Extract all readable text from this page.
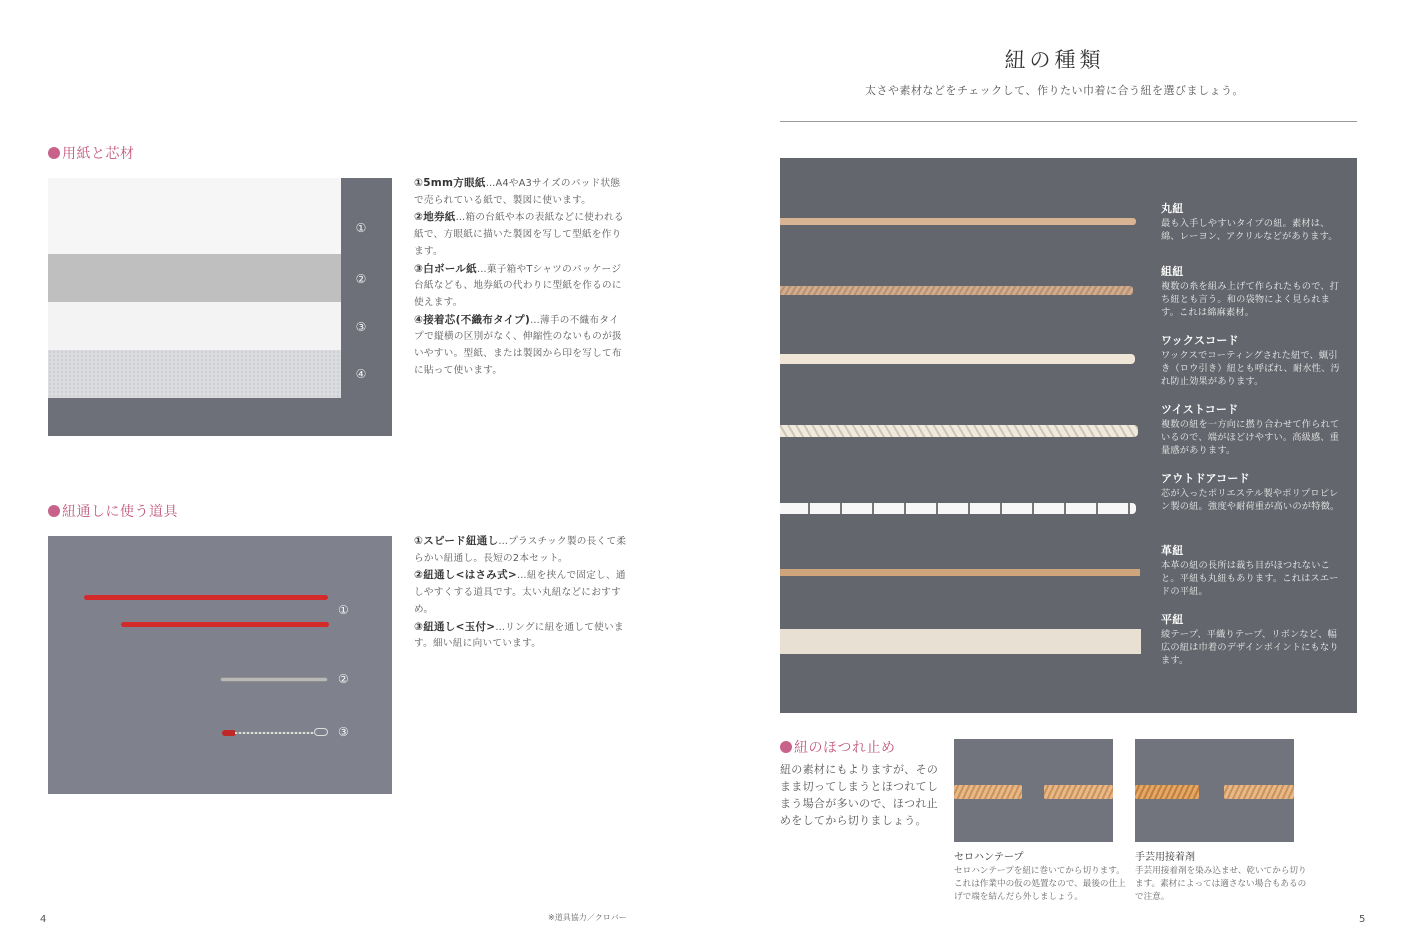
用紙と芯材
①
②
③
④
①5mm方眼紙…A4やA3サイズのパッド状態で売られている紙で、製図に使います。
②地券紙…箱の台紙や本の表紙などに使われる紙で、方眼紙に描いた製図を写して型紙を作ります。
③白ボール紙…菓子箱やTシャツのパッケージ台紙なども、地券紙の代わりに型紙を作るのに使えます。
④接着芯(不織布タイプ)…薄手の不織布タイプで縦横の区別がなく、伸縮性のないものが扱いやすい。型紙、または製図から印を写して布に貼って使います。
紐通しに使う道具
①
②
③
①スピード紐通し…プラスチック製の長くて柔らかい紐通し。長短の2本セット。
②紐通し<はさみ式>…紐を挟んで固定し、通しやすくする道具です。太い丸紐などにおすすめ。
③紐通し<玉付>…リングに紐を通して使います。細い紐に向いています。
4	※道具協力／クロバー
紐の種類
太さや素材などをチェックして、作りたい巾着に合う紐を選びましょう。
丸紐
最も入手しやすいタイプの紐。素材は、綿、レーヨン、アクリルなどがあります。
組紐
複数の糸を組み上げて作られたもので、打ち紐とも言う。和の袋物によく見られます。これは綿麻素材。
ワックスコード
ワックスでコーティングされた紐で、蝋引き（ロウ引き）紐とも呼ばれ、耐水性、汚れ防止効果があります。
ツイストコード
複数の紐を一方向に撚り合わせて作られているので、端がほどけやすい。高級感、重量感があります。
アウトドアコード
芯が入ったポリエステル製やポリプロピレン製の紐。強度や耐荷重が高いのが特徴。
革紐
本革の紐の長所は裁ち目がほつれないこと。平紐も丸紐もあります。これはスエードの平紐。
平紐
綾テープ、平織りテープ、リボンなど、幅広の紐は巾着のデザインポイントにもなります。
紐のほつれ止め
紐の素材にもよりますが、そのまま切ってしまうとほつれてしまう場合が多いので、ほつれ止めをしてから切りましょう。
セロハンテープ
セロハンテープを紐に巻いてから切ります。これは作業中の仮の処置なので、最後の仕上げで端を結んだら外しましょう。
手芸用接着剤
手芸用接着剤を染み込ませ、乾いてから切ります。素材によっては適さない場合もあるので注意。
5
